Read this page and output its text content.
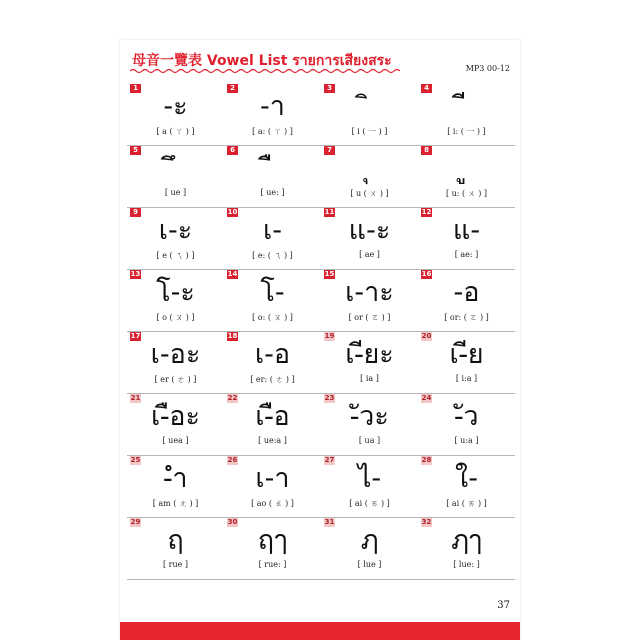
母音一覽表 Vowel List รายการเสียงสระ	MP3 00-12
1
-ะ
[ a ( ㄚ ) ]
2
-า
[ a: ( ㄚ ) ]
3
[ i ( 一 ) ]
4
[ i: ( 一 ) ]
5
[ ue ]
6
[ ue: ]
7
[ u ( ㄨ ) ]
8
[ u: ( ㄨ ) ]
9
เ-ะ
[ e ( ㄟ ) ]
10
เ-
[ e: ( ㄟ ) ]
11
แ-ะ
[ ae ]
12
แ-
[ ae: ]
13
โ-ะ
[ o ( ㄡ ) ]
14
โ-
[ o: ( ㄡ ) ]
15
เ-าะ
[ or ( ㄛ ) ]
16
-อ
[ or: ( ㄛ ) ]
17
เ-อะ
[ er ( ㄜ ) ]
18
เ-อ
[ er: ( ㄜ ) ]
19
เ-ียะ
[ ia ]
20
เ-ีย
[ i:a ]
21
เ-ือะ
[ uea ]
22
เ-ือ
[ ue:a ]
23
-ัวะ
[ ua ]
24
-ัว
[ u:a ]
25
-ำ
[ am ( ㄤ ) ]
26
เ-า
[ ao ( ㄠ ) ]
27
ไ-
[ ai ( ㄞ ) ]
28
ใ-
[ ai ( ㄞ ) ]
29
ฤ
[ rue ]
30
ฤๅ
[ rue: ]
31
ฦ
[ lue ]
32
ฦๅ
[ lue: ]
37
